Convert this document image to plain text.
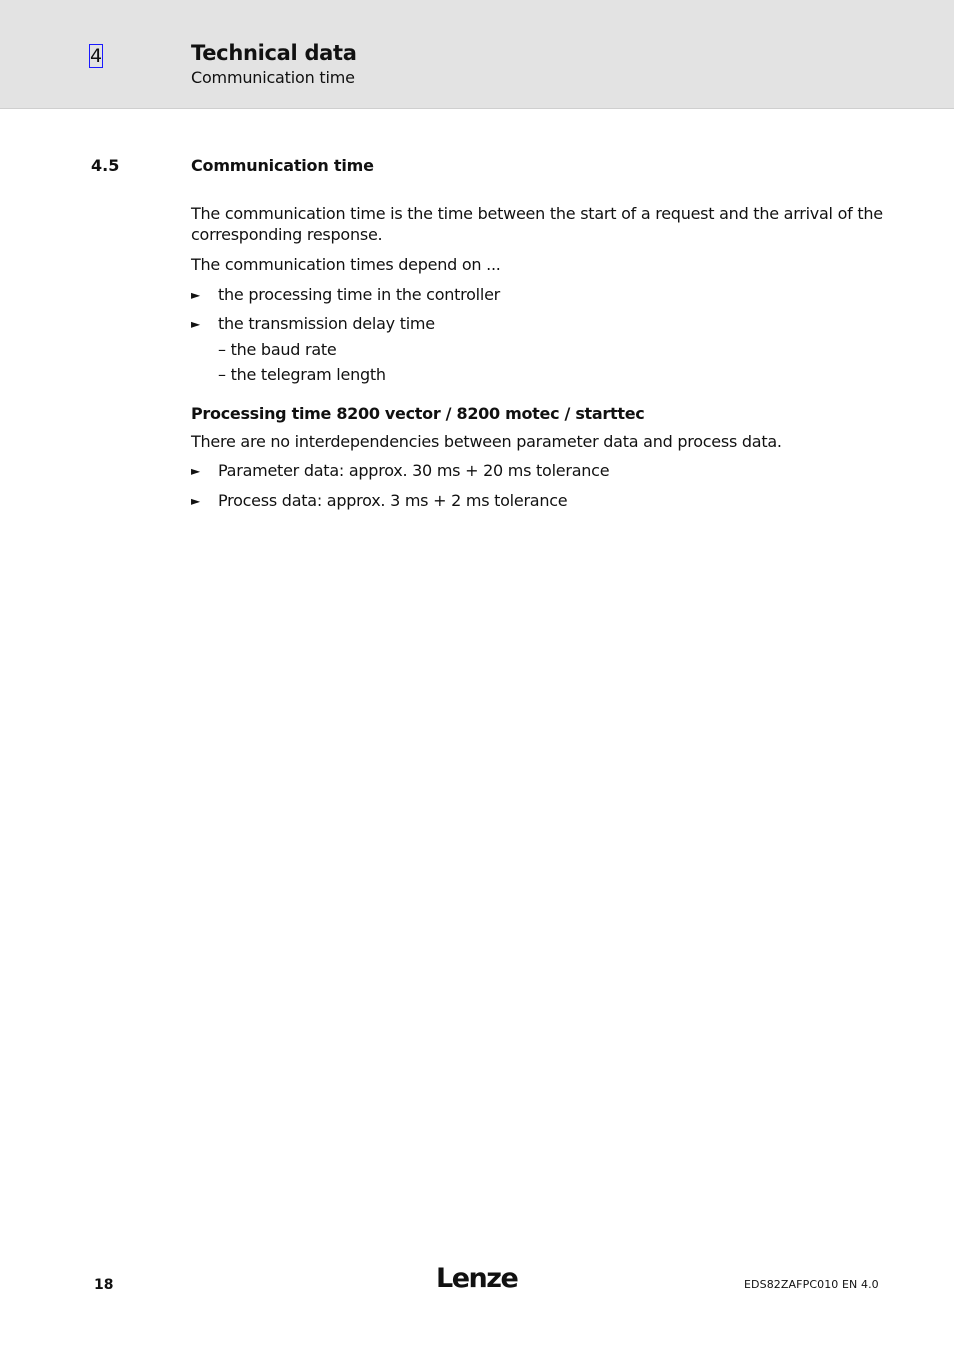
4	Technical data
Communication time
4.5	Communication time
The communication time is the time between the start of a request and the arrival of the
corresponding response.
The communication times depend on ...
► the processing time in the controller
► the transmission delay time
– the baud rate
– the telegram length
Processing time 8200 vector / 8200 motec / starttec
There are no interdependencies between parameter data and process data.
► Parameter data: approx. 30 ms + 20 ms tolerance
► Process data: approx. 3 ms + 2 ms tolerance
18	Lenze	EDS82ZAFPC010 EN 4.0
